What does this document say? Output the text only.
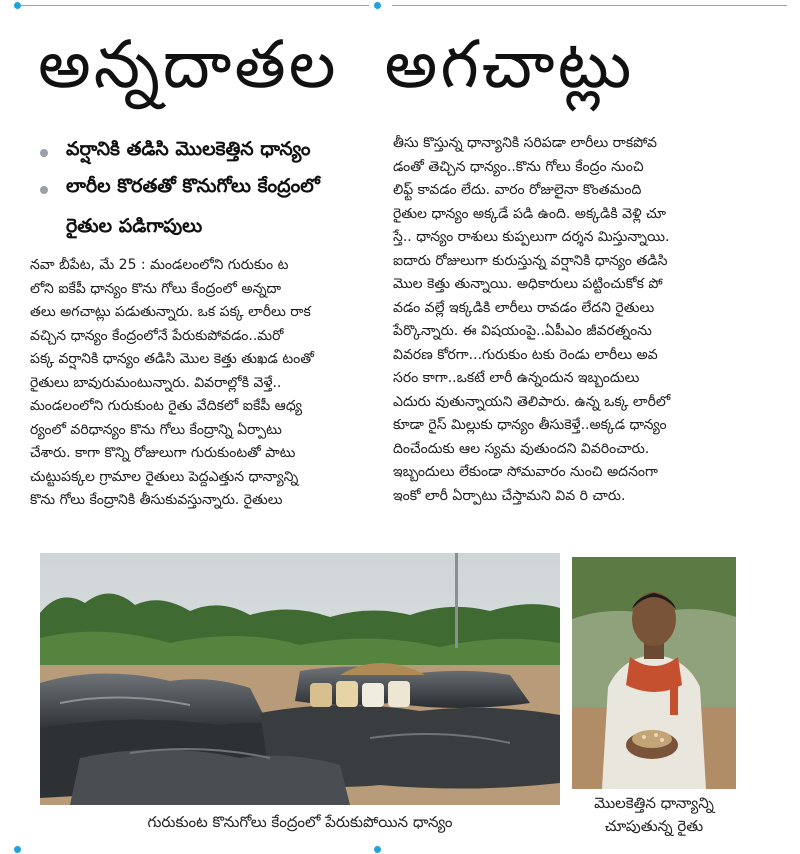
అన్నదాతల అగచాట్లు
వర్షానికి తడిసి మొలకెత్తిన ధాన్యం
లారీల కొరతతో కొనుగోలు కేంద్రంలో
రైతుల పడిగాపులు

నవా బీపేట, మే 25 : మండలంలోని గురుకుం ట

లోని ఐకేపీ ధాన్యం కొను గోలు కేంద్రంలో అన్నదా

తలు అగచాట్లు పడుతున్నారు. ఒక పక్క లారీలు రాక

వచ్చిన ధాన్యం కేంద్రంలోనే పేరుకుపోవడం..మరో

పక్క వర్షానికి ధాన్యం తడిసి మొల కెత్తు తుఖడ టంతో

రైతులు బావురుమంటున్నారు. వివరాల్లోకి వెళ్తే..

మండలంలోని గురుకుంట రైతు వేదికలో ఐకేపీ ఆధ్య

ర్యంలో వరిధాన్యం కొను గోలు కేంద్రాన్ని ఏర్పాటు

చేశారు. కాగా కొన్ని రోజులుగా గురుకుంటతో పాటు

చుట్టుపక్కల గ్రామాల రైతులు పెద్దఎత్తున ధాన్యాన్ని

కొను గోలు కేంద్రానికి తీసుకువస్తున్నారు. రైతులు

తీసు కొస్తున్న ధాన్యానికి సరిపడా లారీలు రాకపోవ

డంతో తెచ్చిన ధాన్యం..కొను గోలు కేంద్రం నుంచి

లిఫ్ట్ కావడం లేదు. వారం రోజులైనా కొంతమంది

రైతుల ధాన్యం అక్కడే పడి ఉంది. అక్కడికి వెళ్లి చూ

స్తే.. ధాన్యం రాశులు కుప్పలుగా దర్శన మిస్తున్నాయి.

ఐదారు రోజులుగా కురుస్తున్న వర్షానికి ధాన్యం తడిసి

మొల కెత్తు తున్నాయి. అధికారులు పట్టించుకోక పో

వడం వల్లే ఇక్కడికి లారీలు రావడం లేదని రైతులు

పేర్కొన్నారు. ఈ విషయంపై..ఏపీఎం జీవరత్నంను

వివరణ కోరగా...గురుకుం టకు రెండు లారీలు అవ

సరం కాగా..ఒకటే లారీ ఉన్నందున ఇబ్బందులు

ఎదురు వుతున్నాయని తెలిపారు. ఉన్న ఒక్క లారీలో

కూడా రైస్ మిల్లుకు ధాన్యం తీసుకెళ్తే..అక్కడ ధాన్యం

దించేందుకు ఆల స్యమ వుతుందని వివరించారు.

ఇబ్బందులు లేకుండా సోమవారం నుంచి అదనంగా

ఇంకో లారీ ఏర్పాటు చేస్తామని వివ రి చారు.

గురుకుంట కొనుగోలు కేంద్రంలో పేరుకుపోయిన ధాన్యం
మొలకెత్తిన ధాన్యాన్ని
చూపుతున్న రైతు
